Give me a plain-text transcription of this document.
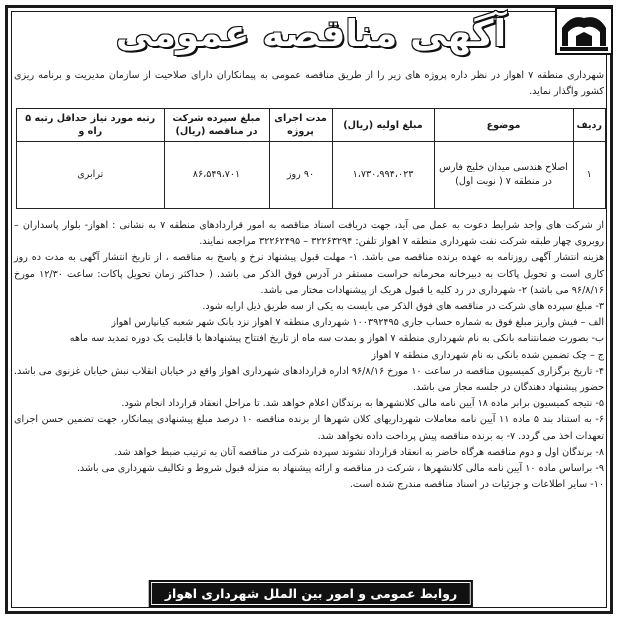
آگهی مناقصه عمومی
شهرداری منطقه ۷ اهواز در نظر داره پروژه های زیر را از طریق مناقصه عمومی به پیمانکاران دارای صلاحیت از سازمان مدیریت و برنامه ریزی کشور واگذار نماید.
ردیف	موضوع	مبلغ اولیه (ریال)	مدت اجرای پروژه	مبلغ سپرده شرکت در مناقصه (ریال)	رتبه مورد نیاز حداقل رتبه ۵ راه و
۱	اصلاح هندسی میدان خلیج فارس در منطقه ۷ ( نوبت اول)	۱،۷۳۰،۹۹۴،۰۲۳	۹۰ روز	۸۶،۵۴۹،۷۰۱	ترابری

از شرکت های واجد شرایط دعوت به عمل می آید، جهت دریافت اسناد مناقصه به امور قراردادهای منطقه ۷ به نشانی : اهواز- بلوار پاسداران – روبروی چهار طبقه شرکت نفت شهرداری منطقه ۷ اهواز تلفن: ۳۲۲۶۳۲۹۴ – ۳۲۲۶۲۴۹۵ مراجعه نمایند.

هزینه انتشار آگهی روزنامه به عهده برنده مناقصه می باشد. ۱- مهلت قبول پیشنهاد نرخ و پاسخ به مناقصه ، از تاریخ انتشار آگهی به مدت ده روز کاری است و تحویل پاکات به دبیرخانه محرمانه حراست مستقر در آدرس فوق الذکر می باشد. ( حداکثر زمان تحویل پاکات: ساعت ۱۲/۳۰ مورخ ۹۶/۸/۱۶ می باشد) ۲- شهرداری در رد کلیه یا قبول هریک از پیشنهادات مختار می باشد.

۳- مبلغ سپرده های شرکت در مناقصه های فوق الذکر می بایست به یکی از سه طریق ذیل ارایه شود.

الف – فیش واریز مبلغ فوق به شماره حساب جاری ۱۰۰۳۹۲۴۹۵ شهرداری منطقه ۷ اهواز نزد بانک شهر شعبه کیانپارس اهواز

ب- بصورت ضمانتنامه بانکی به نام شهرداری منطقه ۷ اهواز و بمدت سه ماه از تاریخ افتتاح پیشنهادها با قابلیت یک دوره تمدید سه ماهه

ج – چک تضمین شده بانکی به نام شهرداری منطقه ۷ اهواز

۴- تاریخ برگزاری کمیسیون مناقصه در ساعت ۱۰ مورخ ۹۶/۸/۱۶ اداره قراردادهای شهرداری اهواز واقع در خیابان انقلاب نبش خیابان غزنوی می باشد. حضور پیشنهاد دهندگان در جلسه مجاز می باشد.

۵- نتیجه کمیسیون برابر ماده ۱۸ آیین نامه مالی کلانشهرها به برندگان اعلام خواهد شد. تا مراحل انعقاد قرارداد انجام شود.

۶- به استناد بند ۵ ماده ۱۱ آیین نامه معاملات شهرداریهای کلان شهرها از برنده مناقصه ۱۰ درصد مبلغ پیشنهادی پیمانکار، جهت تضمین حسن اجرای تعهدات اخذ می گردد. ۷- به برنده مناقصه پیش پرداخت داده نخواهد شد.

۸- برندگان اول و دوم مناقصه هرگاه حاضر به انعقاد قرارداد نشوند سپرده شرکت در مناقصه آنان به ترتیب ضبط خواهد شد.

۹- براساس ماده ۱۰ آیین نامه مالی کلانشهرها ، شرکت در مناقصه و ارائه پیشنهاد به منزله قبول شروط و تکالیف شهرداری می باشد.

۱۰- سایر اطلاعات و جزئیات در اسناد مناقصه مندرج شده است.

روابط عمومی و امور بین الملل شهرداری اهواز
